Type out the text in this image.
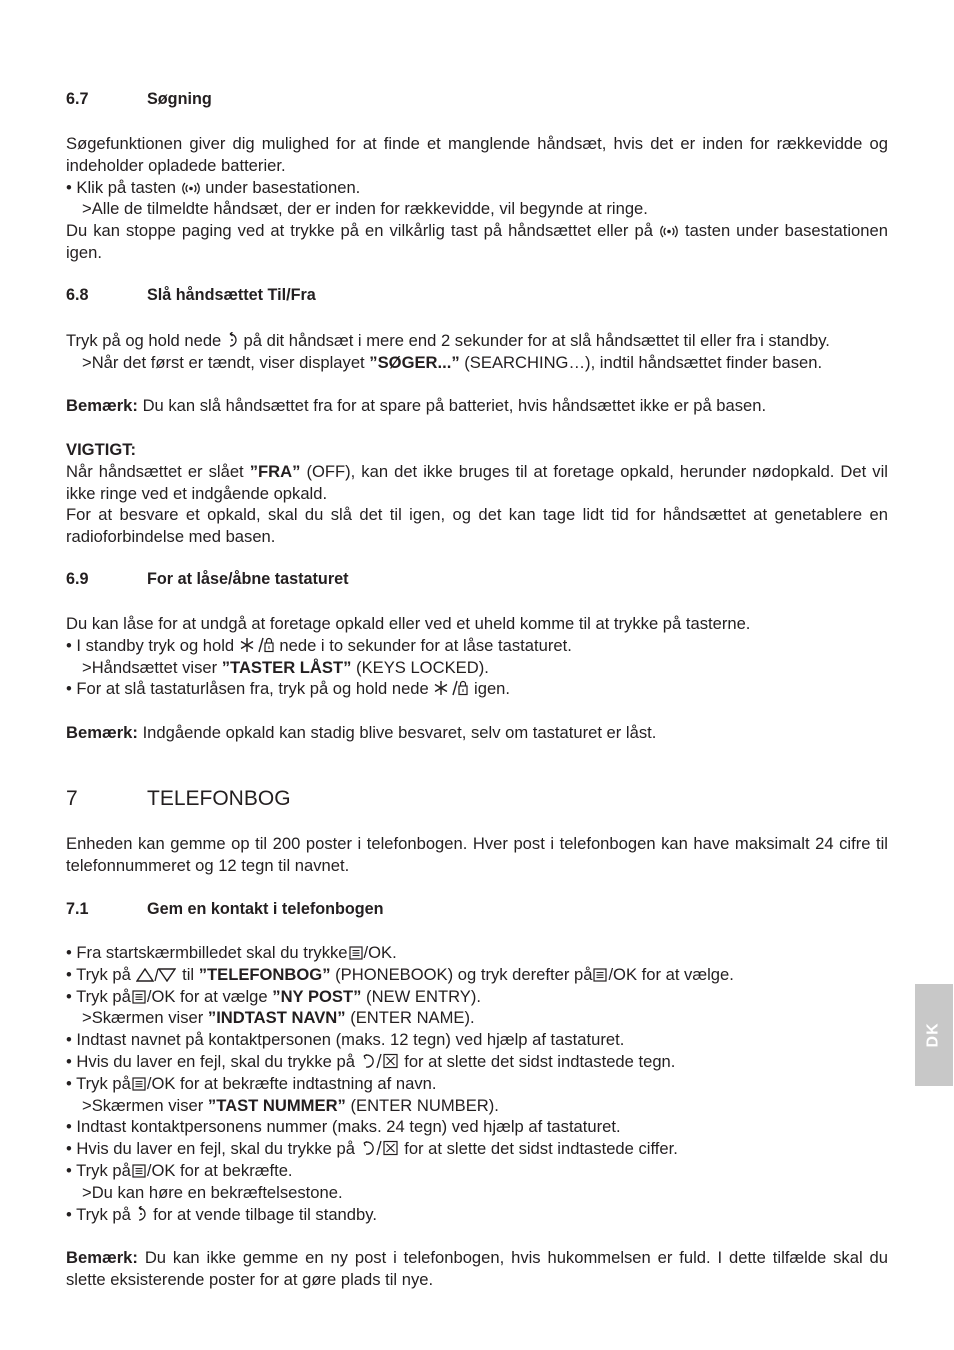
6.7	Søgning

Søgefunktionen giver dig mulighed for at finde et manglende håndsæt, hvis det er inden for rækkevidde og indeholder opladede batterier.

• Klik på tasten under basestationen.

>Alle de tilmeldte håndsæt, der er inden for rækkevidde, vil begynde at ringe.

Du kan stoppe paging ved at trykke på en vilkårlig tast på håndsættet eller på tasten under basestationen igen.

6.8	Slå håndsættet Til/Fra

Tryk på og hold nede på dit håndsæt i mere end 2 sekunder for at slå håndsættet til eller fra i standby.

>Når det først er tændt, viser displayet ”SØGER...” (SEARCHING…), indtil håndsættet finder basen.

Bemærk: Du kan slå håndsættet fra for at spare på batteriet, hvis håndsættet ikke er på basen.

VIGTIGT:

Når håndsættet er slået ”FRA” (OFF), kan det ikke bruges til at foretage opkald, herunder nødopkald. Det vil ikke ringe ved et indgående opkald.

For at besvare et opkald, skal du slå det til igen, og det kan tage lidt tid for håndsættet at genetablere en radioforbindelse med basen.

6.9	For at låse/åbne tastaturet

Du kan låse for at undgå at foretage opkald eller ved et uheld komme til at trykke på tasterne.

• I standby tryk og hold	nede i to sekunder for at låse tastaturet.

>Håndsættet viser ”TASTER LÅST” (KEYS LOCKED).

• For at slå tastaturlåsen fra, tryk på og hold nede	igen.

Bemærk: Indgående opkald kan stadig blive besvaret, selv om tastaturet er låst.

7	TELEFONBOG

Enheden kan gemme op til 200 poster i telefonbogen. Hver post i telefonbogen kan have maksimalt 24 cifre til telefonnummeret og 12 tegn til navnet.

7.1	Gem en kontakt i telefonbogen

• Fra startskærmbilledet skal du trykke /OK.

• Tryk på	til ”TELEFONBOG” (PHONEBOOK) og tryk derefter på /OK for at vælge.

• Tryk på /OK for at vælge ”NY POST” (NEW ENTRY).

>Skærmen viser ”INDTAST NAVN” (ENTER NAME).

• Indtast navnet på kontaktpersonen (maks. 12 tegn) ved hjælp af tastaturet.

• Hvis du laver en fejl, skal du trykke på	for at slette det sidst indtastede tegn.

• Tryk på /OK for at bekræfte indtastning af navn.

>Skærmen viser ”TAST NUMMER” (ENTER NUMBER).

• Indtast kontaktpersonens nummer (maks. 24 tegn) ved hjælp af tastaturet.

• Hvis du laver en fejl, skal du trykke på	for at slette det sidst indtastede ciffer.

• Tryk på /OK for at bekræfte.

>Du kan høre en bekræftelsestone.

• Tryk på for at vende tilbage til standby.

Bemærk: Du kan ikke gemme en ny post i telefonbogen, hvis hukommelsen er fuld. I dette tilfælde skal du slette eksisterende poster for at gøre plads til nye.

DK
